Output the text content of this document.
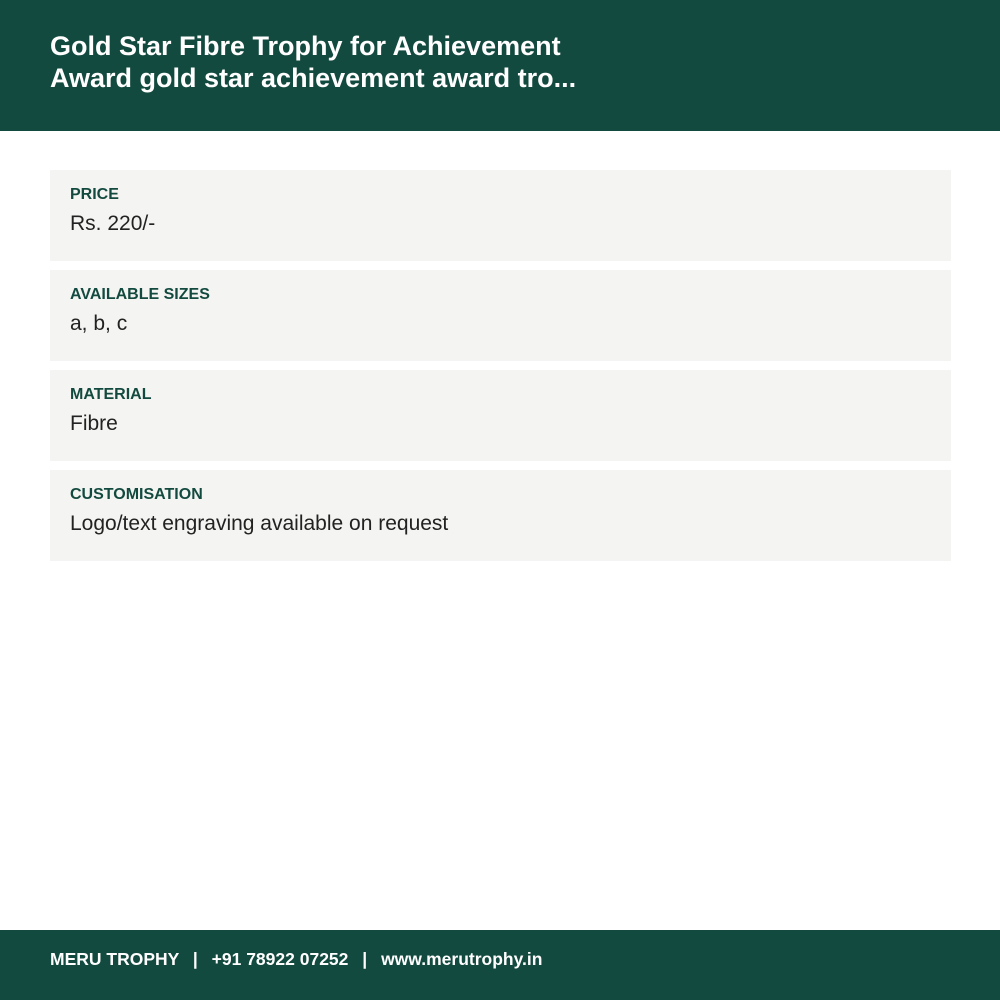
Gold Star Fibre Trophy for Achievement
Award gold star achievement award tro...
PRICE
Rs. 220/-
AVAILABLE SIZES
a, b, c
MATERIAL
Fibre
CUSTOMISATION
Logo/text engraving available on request
MERU TROPHY | +91 78922 07252 | www.merutrophy.in
